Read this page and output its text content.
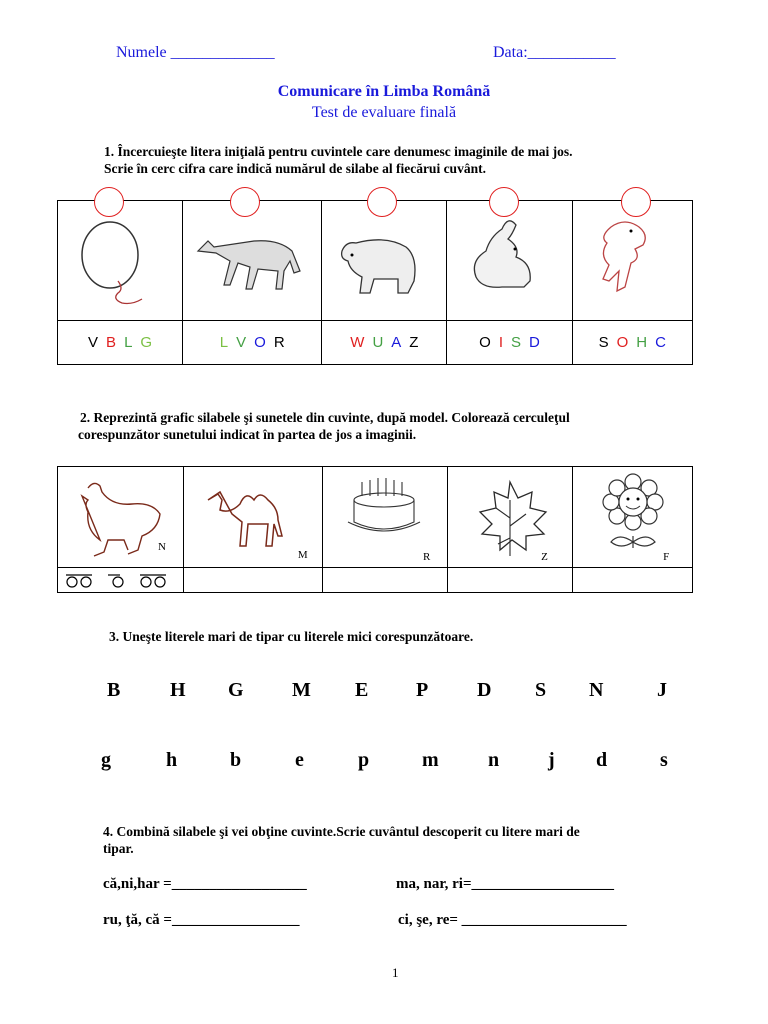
Numele _____________	Data:___________
Comunicare în Limba Română
Test de evaluare finală
1. Încercuieşte litera iniţială pentru cuvintele care denumesc imaginile de mai jos.
Scrie în cerc cifra care indică numărul de silabe al fiecărui cuvânt.

V B L G	L V O R	W U A Z	O I S D	S O H C
2. Reprezintă grafic silabele şi sunetele din cuvinte, după model. Colorează cerculeţul
corespunzător sunetului indicat în partea de jos a imaginii.
N	M	R	Z	F

3. Uneşte literele mari de tipar cu literele mici corespunzătoare.
B H G M E P D S N	J
g	h	b	e	p	m n j d	s
4. Combină silabele şi vei obţine cuvinte.Scrie cuvântul descoperit cu litere mari de
tipar.
că,ni,har =__________________	ma, nar, ri=___________________
ru, ţă, că =_________________	ci, şe, re= ______________________
1
